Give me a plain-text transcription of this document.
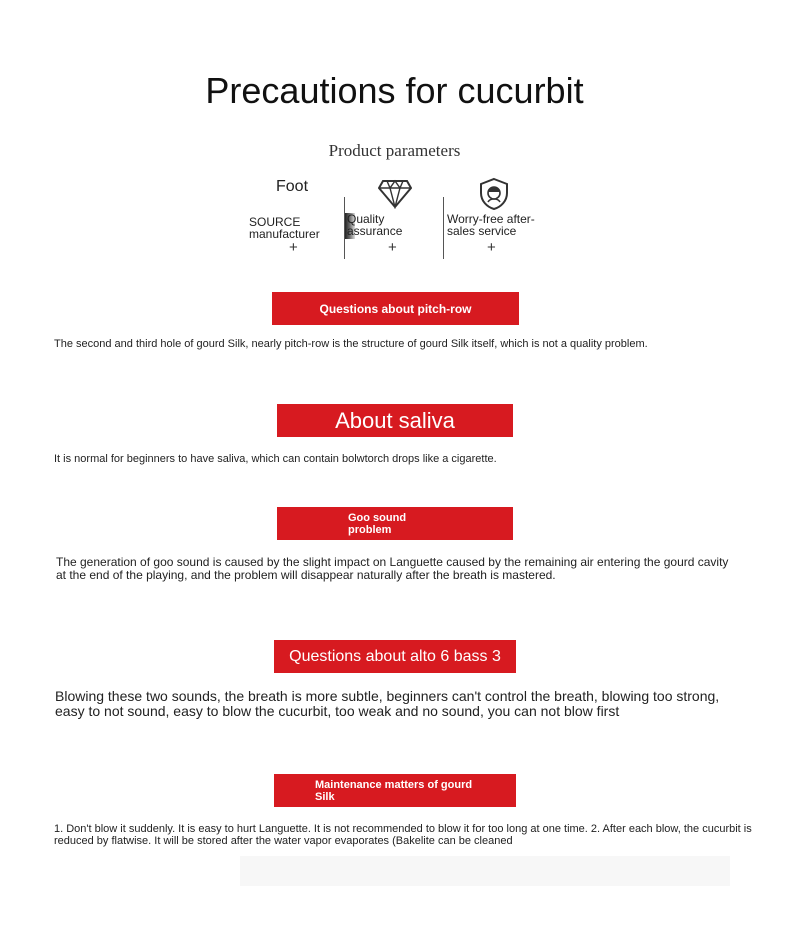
Precautions for cucurbit
Product parameters
Foot
SOURCE manufacturer
+
Quality assurance
+
Worry-free after-sales service
+
Questions about pitch-row
The second and third hole of gourd Silk, nearly pitch-row is the structure of gourd Silk itself, which is not a quality problem.
About saliva
It is normal for beginners to have saliva, which can contain bolwtorch drops like a cigarette.
Goo sound problem
The generation of goo sound is caused by the slight impact on Languette caused by the remaining air entering the gourd cavity at the end of the playing, and the problem will disappear naturally after the breath is mastered.
Questions about alto 6 bass 3
Blowing these two sounds, the breath is more subtle, beginners can't control the breath, blowing too strong, easy to not sound, easy to blow the cucurbit, too weak and no sound, you can not blow first
Maintenance matters of gourd Silk
1. Don't blow it suddenly. It is easy to hurt Languette. It is not recommended to blow it for too long at one time. 2. After each blow, the cucurbit is reduced by flatwise. It will be stored after the water vapor evaporates (Bakelite can be cleaned
